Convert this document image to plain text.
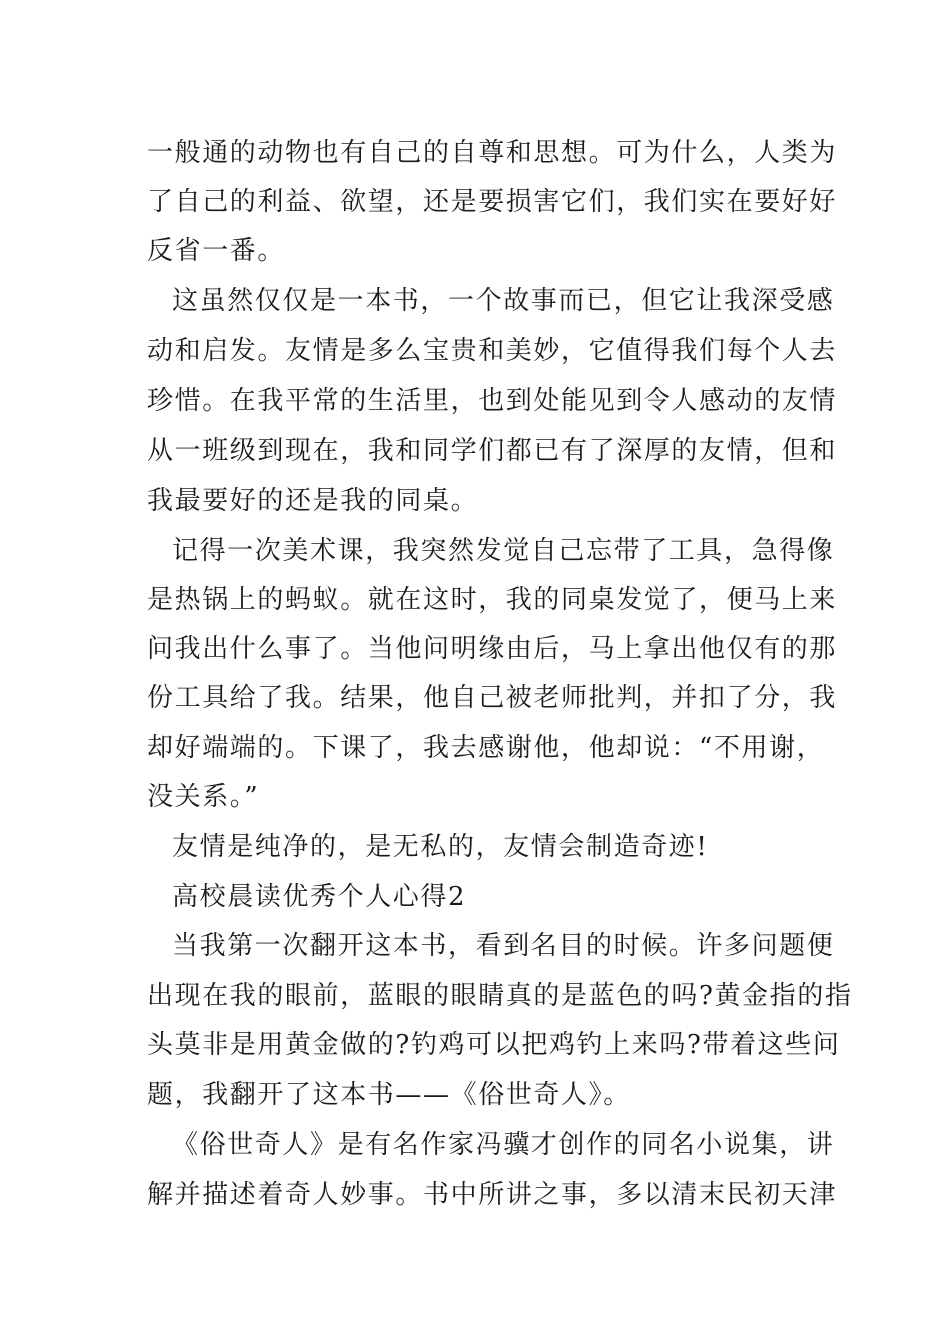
一般通的动物也有自己的自尊和思想。可为什么，人类为
了自己的利益、欲望，还是要损害它们，我们实在要好好
反省一番。
这虽然仅仅是一本书，一个故事而已，但它让我深受感
动和启发。友情是多么宝贵和美妙，它值得我们每个人去
珍惜。在我平常的生活里，也到处能见到令人感动的友情
从一班级到现在，我和同学们都已有了深厚的友情，但和
我最要好的还是我的同桌。
记得一次美术课，我突然发觉自己忘带了工具，急得像
是热锅上的蚂蚁。就在这时，我的同桌发觉了，便马上来
问我出什么事了。当他问明缘由后，马上拿出他仅有的那
份工具给了我。结果，他自己被老师批判，并扣了分，我
却好端端的。下课了，我去感谢他，他却说：“不用谢，
没关系。”
友情是纯净的，是无私的，友情会制造奇迹!
高校晨读优秀个人心得2
当我第一次翻开这本书，看到名目的时候。许多问题便
出现在我的眼前，蓝眼的眼睛真的是蓝色的吗?黄金指的指
头莫非是用黄金做的?钓鸡可以把鸡钓上来吗?带着这些问
题，我翻开了这本书——《俗世奇人》。
《俗世奇人》是有名作家冯骥才创作的同名小说集，讲
解并描述着奇人妙事。书中所讲之事，多以清末民初天津
